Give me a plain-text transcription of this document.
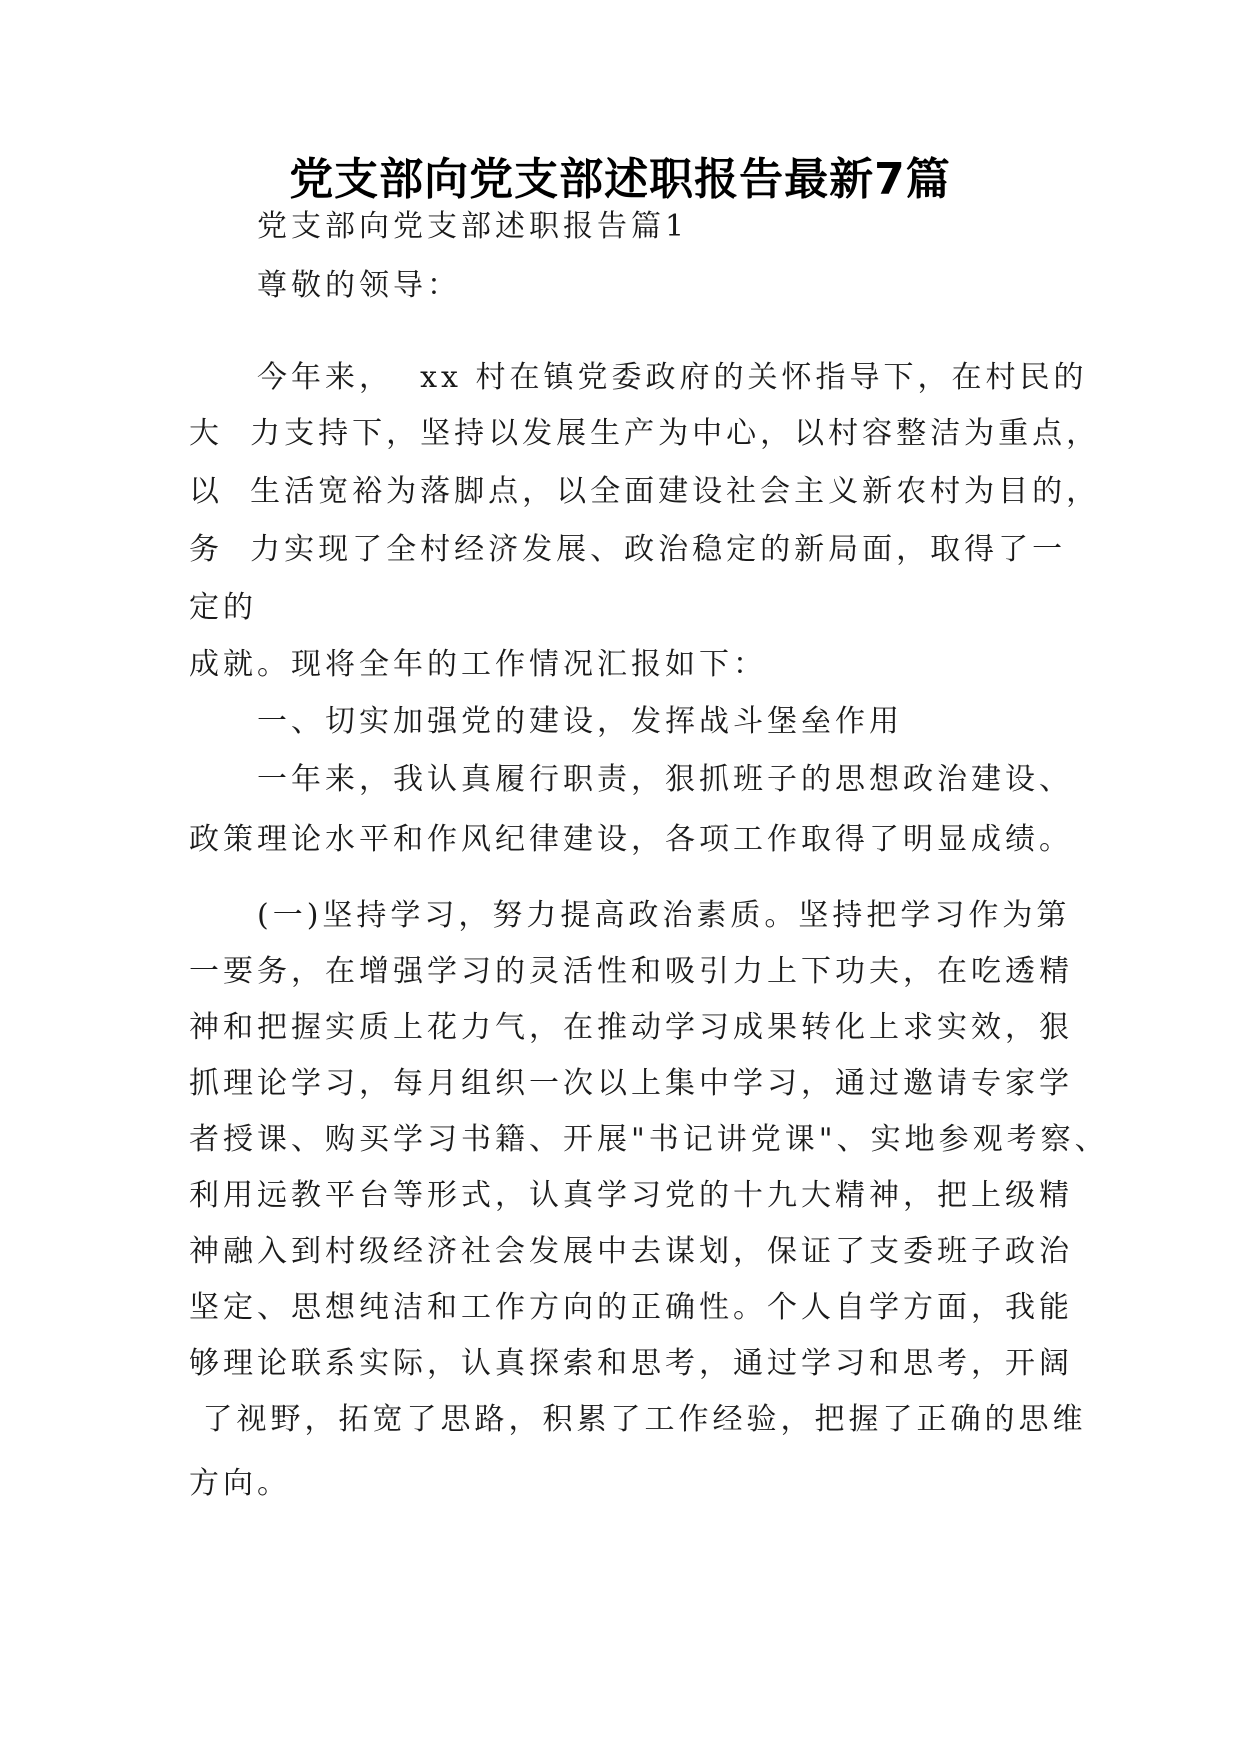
党支部向党支部述职报告最新7篇
党支部向党支部述职报告篇1
尊敬的领导：
今年来，  xx 村在镇党委政府的关怀指导下，在村民的
大  力支持下，坚持以发展生产为中心，以村容整洁为重点，
以  生活宽裕为落脚点，以全面建设社会主义新农村为目的，
务  力实现了全村经济发展、政治稳定的新局面，取得了一
定的
成就。现将全年的工作情况汇报如下：
一、切实加强党的建设，发挥战斗堡垒作用
一年来，我认真履行职责，狠抓班子的思想政治建设、
政策理论水平和作风纪律建设，各项工作取得了明显成绩。
(一)坚持学习，努力提高政治素质。坚持把学习作为第
一要务，在增强学习的灵活性和吸引力上下功夫，在吃透精
神和把握实质上花力气，在推动学习成果转化上求实效，狠
抓理论学习，每月组织一次以上集中学习，通过邀请专家学
者授课、购买学习书籍、开展"书记讲党课"、实地参观考察、
利用远教平台等形式，认真学习党的十九大精神，把上级精
神融入到村级经济社会发展中去谋划，保证了支委班子政治
坚定、思想纯洁和工作方向的正确性。个人自学方面，我能
够理论联系实际，认真探索和思考，通过学习和思考，开阔
了视野，拓宽了思路，积累了工作经验，把握了正确的思维
方向。
